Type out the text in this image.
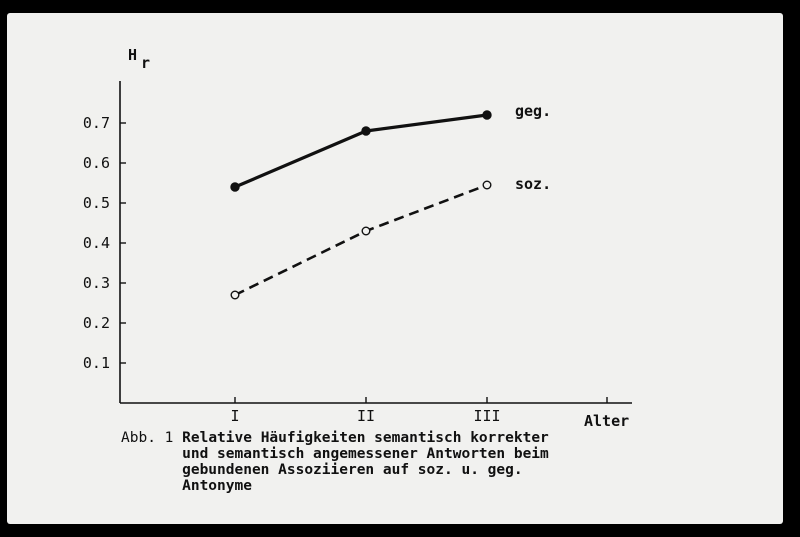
0.1
0.2
0.3
0.4
0.5
0.6
0.7
I	II	III
H r
Alter
geg.
soz.
Abb. 1 Relative Häufigkeiten semantisch korrekter
und semantisch angemessener Antworten beim
gebundenen Assoziieren auf soz. u. geg.
Antonyme
